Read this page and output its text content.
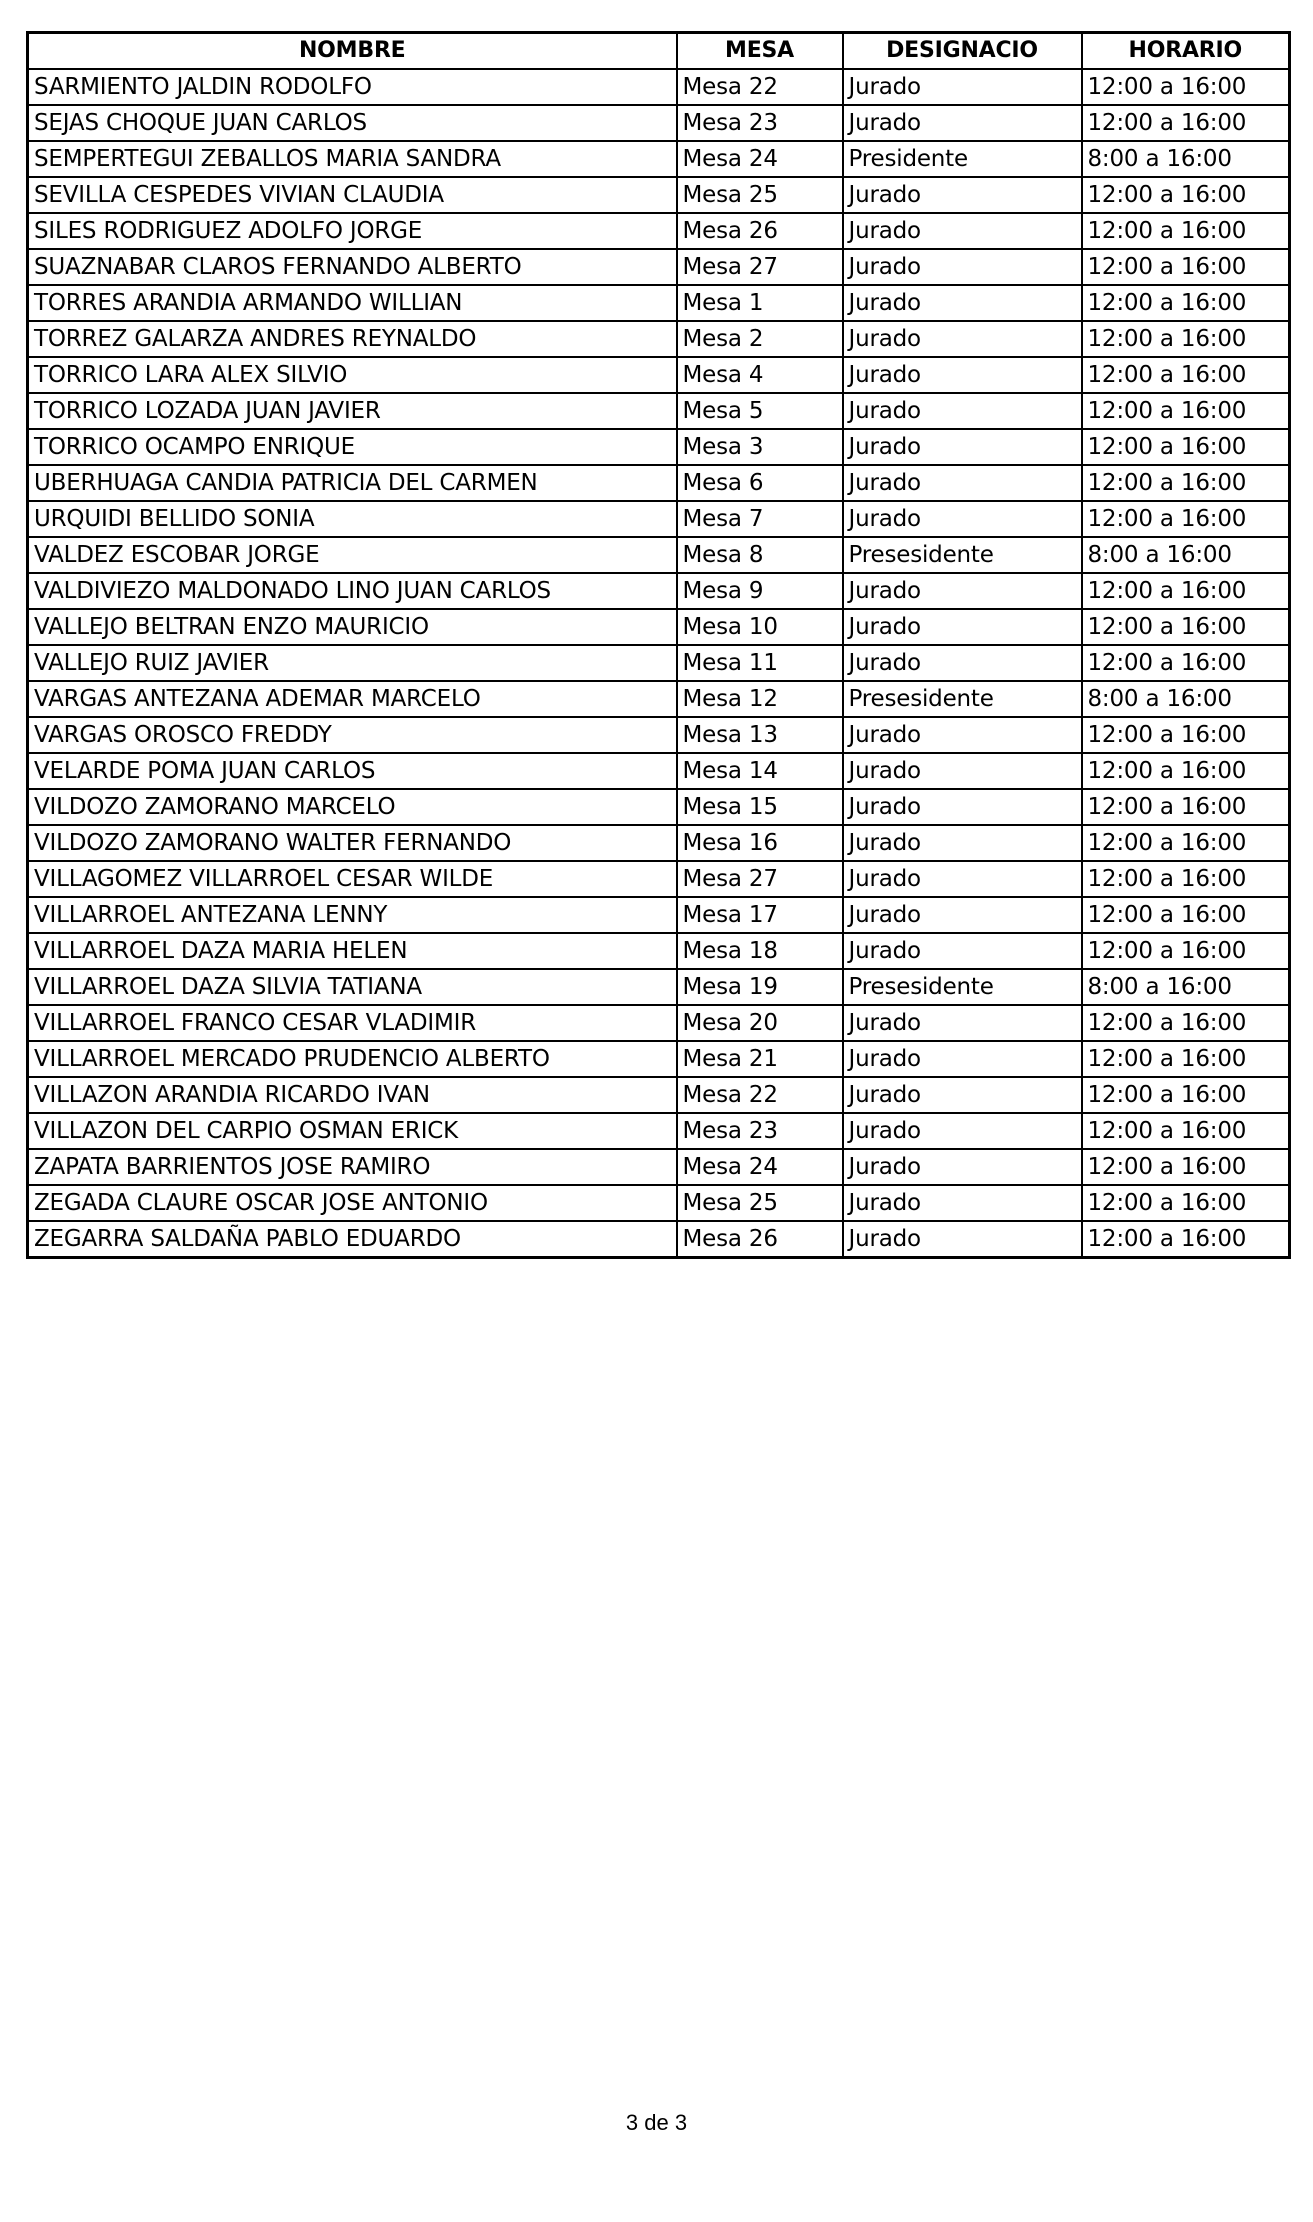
NOMBRE	MESA	DESIGNACIO	HORARIO
SARMIENTO JALDIN RODOLFO	Mesa 22	Jurado	12:00 a 16:00
SEJAS CHOQUE JUAN CARLOS	Mesa 23	Jurado	12:00 a 16:00
SEMPERTEGUI ZEBALLOS MARIA SANDRA	Mesa 24	Presidente	8:00 a 16:00
SEVILLA CESPEDES VIVIAN CLAUDIA	Mesa 25	Jurado	12:00 a 16:00
SILES RODRIGUEZ ADOLFO JORGE	Mesa 26	Jurado	12:00 a 16:00
SUAZNABAR CLAROS FERNANDO ALBERTO	Mesa 27	Jurado	12:00 a 16:00
TORRES ARANDIA ARMANDO WILLIAN	Mesa 1	Jurado	12:00 a 16:00
TORREZ GALARZA ANDRES REYNALDO	Mesa 2	Jurado	12:00 a 16:00
TORRICO LARA ALEX SILVIO	Mesa 4	Jurado	12:00 a 16:00
TORRICO LOZADA JUAN JAVIER	Mesa 5	Jurado	12:00 a 16:00
TORRICO OCAMPO ENRIQUE	Mesa 3	Jurado	12:00 a 16:00
UBERHUAGA CANDIA PATRICIA DEL CARMEN	Mesa 6	Jurado	12:00 a 16:00
URQUIDI BELLIDO SONIA	Mesa 7	Jurado	12:00 a 16:00
VALDEZ ESCOBAR JORGE	Mesa 8	Presesidente	8:00 a 16:00
VALDIVIEZO MALDONADO LINO JUAN CARLOS	Mesa 9	Jurado	12:00 a 16:00
VALLEJO BELTRAN ENZO MAURICIO	Mesa 10	Jurado	12:00 a 16:00
VALLEJO RUIZ JAVIER	Mesa 11	Jurado	12:00 a 16:00
VARGAS ANTEZANA ADEMAR MARCELO	Mesa 12	Presesidente	8:00 a 16:00
VARGAS OROSCO FREDDY	Mesa 13	Jurado	12:00 a 16:00
VELARDE POMA JUAN CARLOS	Mesa 14	Jurado	12:00 a 16:00
VILDOZO ZAMORANO MARCELO	Mesa 15	Jurado	12:00 a 16:00
VILDOZO ZAMORANO WALTER FERNANDO	Mesa 16	Jurado	12:00 a 16:00
VILLAGOMEZ VILLARROEL CESAR WILDE	Mesa 27	Jurado	12:00 a 16:00
VILLARROEL ANTEZANA LENNY	Mesa 17	Jurado	12:00 a 16:00
VILLARROEL DAZA MARIA HELEN	Mesa 18	Jurado	12:00 a 16:00
VILLARROEL DAZA SILVIA TATIANA	Mesa 19	Presesidente	8:00 a 16:00
VILLARROEL FRANCO CESAR VLADIMIR	Mesa 20	Jurado	12:00 a 16:00
VILLARROEL MERCADO PRUDENCIO ALBERTO	Mesa 21	Jurado	12:00 a 16:00
VILLAZON ARANDIA RICARDO IVAN	Mesa 22	Jurado	12:00 a 16:00
VILLAZON DEL CARPIO OSMAN ERICK	Mesa 23	Jurado	12:00 a 16:00
ZAPATA BARRIENTOS JOSE RAMIRO	Mesa 24	Jurado	12:00 a 16:00
ZEGADA CLAURE OSCAR JOSE ANTONIO	Mesa 25	Jurado	12:00 a 16:00
ZEGARRA SALDAÑA PABLO EDUARDO	Mesa 26	Jurado	12:00 a 16:00
3 de 3
